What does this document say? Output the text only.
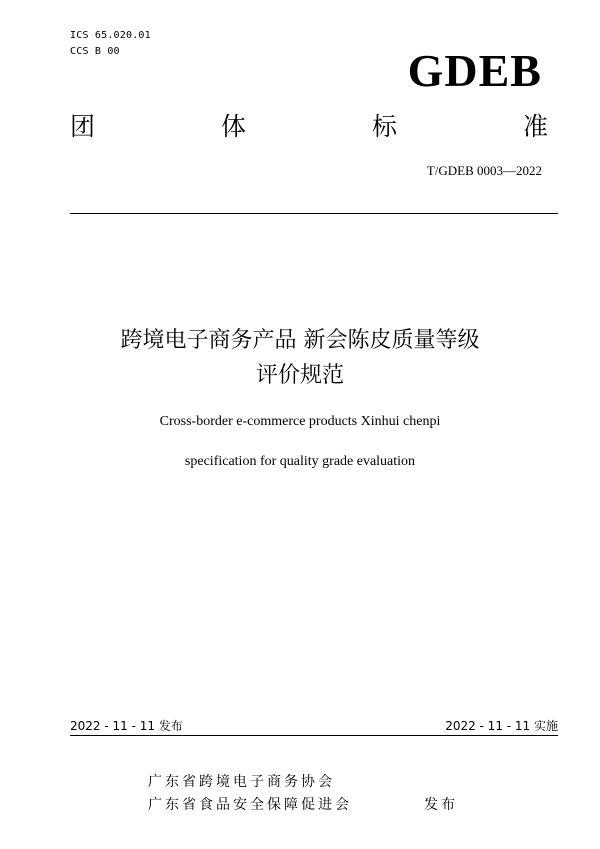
ICS 65.020.01
CCS B 00	GDEB
团	体	标	准
T/GDEB 0003—2022
跨境电子商务产品 新会陈皮质量等级
评价规范
Cross-border e-commerce products Xinhui chenpi
specification for quality grade evaluation
2022 - 11 - 11 发布	2022 - 11 - 11 实施
广东省跨境电子商务协会
广东省食品安全保障促进会	发布
